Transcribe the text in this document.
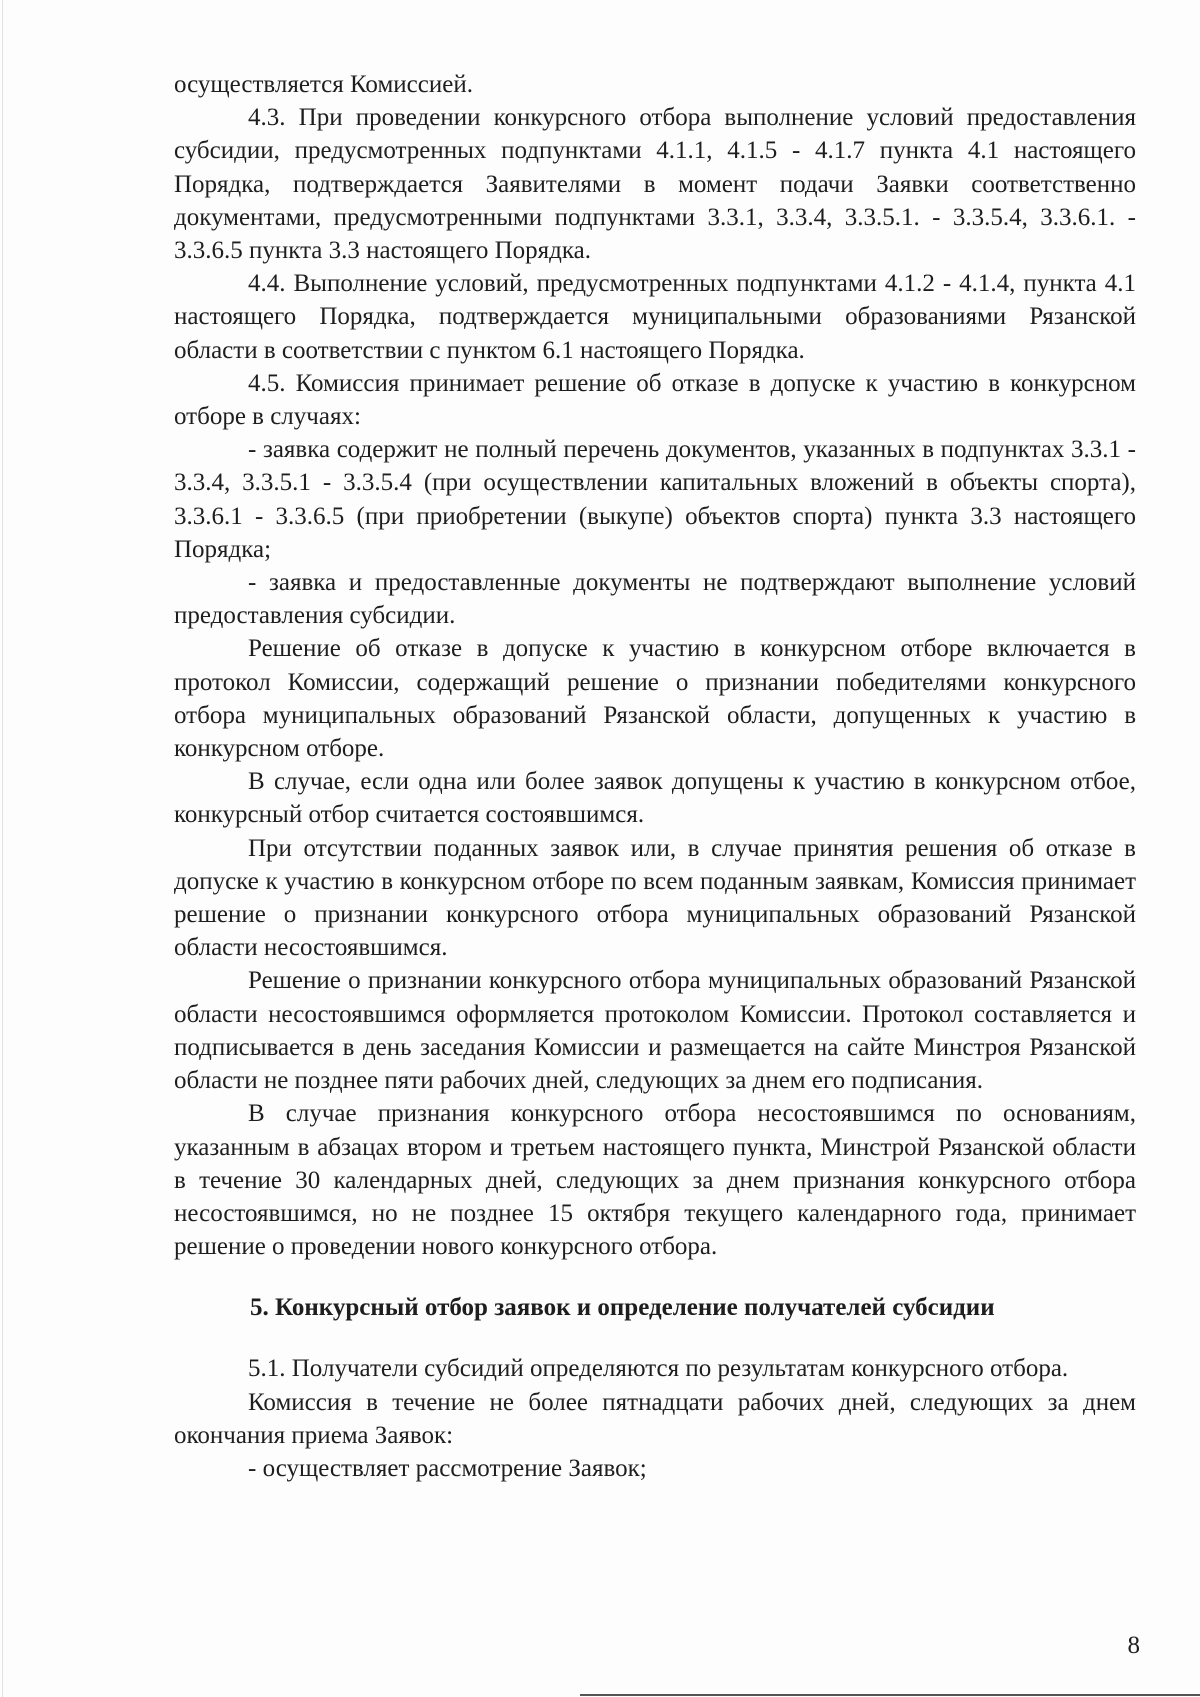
осуществляется Комиссией.

4.3. При проведении конкурсного отбора выполнение условий предоставления субсидии, предусмотренных подпунктами 4.1.1, 4.1.5 - 4.1.7 пункта 4.1 настоящего Порядка, подтверждается Заявителями в момент подачи Заявки соответственно документами, предусмотренными подпунктами 3.3.1, 3.3.4, 3.3.5.1. - 3.3.5.4, 3.3.6.1. - 3.3.6.5 пункта 3.3 настоящего Порядка.

4.4. Выполнение условий, предусмотренных подпунктами 4.1.2 - 4.1.4, пункта 4.1 настоящего Порядка, подтверждается муниципальными образованиями Рязанской области в соответствии с пунктом 6.1 настоящего Порядка.

4.5. Комиссия принимает решение об отказе в допуске к участию в конкурсном отборе в случаях:

- заявка содержит не полный перечень документов, указанных в подпунктах 3.3.1 - 3.3.4, 3.3.5.1 - 3.3.5.4 (при осуществлении капитальных вложений в объекты спорта), 3.3.6.1 - 3.3.6.5 (при приобретении (выкупе) объектов спорта) пункта 3.3 настоящего Порядка;

- заявка и предоставленные документы не подтверждают выполнение условий предоставления субсидии.

Решение об отказе в допуске к участию в конкурсном отборе включается в протокол Комиссии, содержащий решение о признании победителями конкурсного отбора муниципальных образований Рязанской области, допущенных к участию в конкурсном отборе.

В случае, если одна или более заявок допущены к участию в конкурсном отбое, конкурсный отбор считается состоявшимся.

При отсутствии поданных заявок или, в случае принятия решения об отказе в допуске к участию в конкурсном отборе по всем поданным заявкам, Комиссия принимает решение о признании конкурсного отбора муниципальных образований Рязанской области несостоявшимся.

Решение о признании конкурсного отбора муниципальных образований Рязанской области несостоявшимся оформляется протоколом Комиссии. Протокол составляется и подписывается в день заседания Комиссии и размещается на сайте Минстроя Рязанской области не позднее пяти рабочих дней, следующих за днем его подписания.

В случае признания конкурсного отбора несостоявшимся по основаниям, указанным в абзацах втором и третьем настоящего пункта, Минстрой Рязанской области в течение 30 календарных дней, следующих за днем признания конкурсного отбора несостоявшимся, но не позднее 15 октября текущего календарного года, принимает решение о проведении нового конкурсного отбора.

5. Конкурсный отбор заявок и определение получателей субсидии

5.1. Получатели субсидий определяются по результатам конкурсного отбора.

Комиссия в течение не более пятнадцати рабочих дней, следующих за днем окончания приема Заявок:

- осуществляет рассмотрение Заявок;

8
